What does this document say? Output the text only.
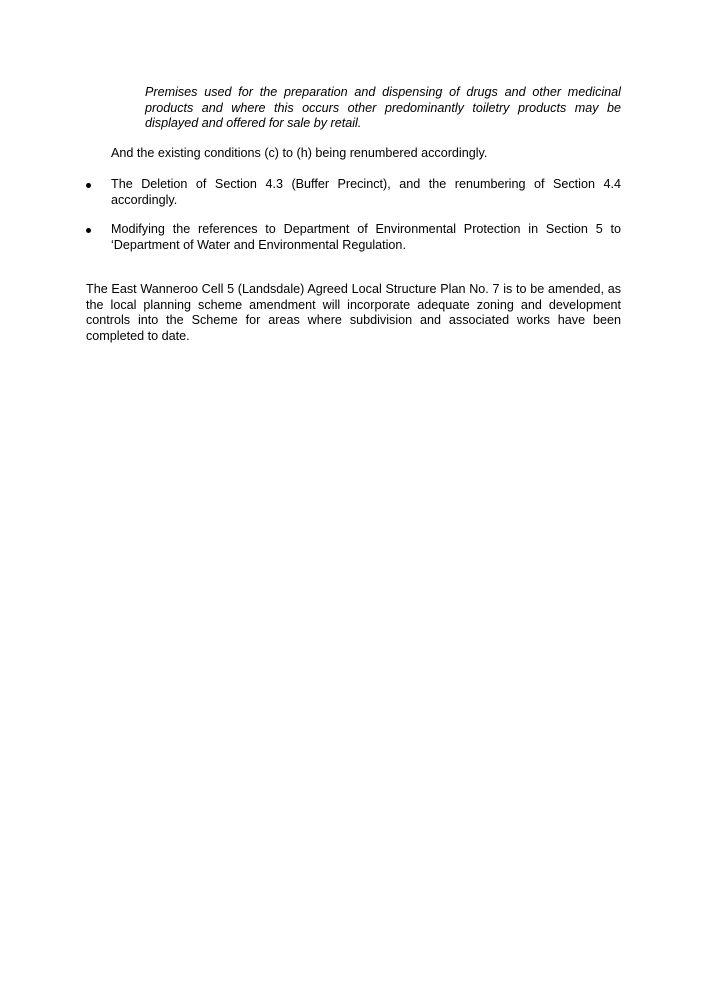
Premises used for the preparation and dispensing of drugs and other medicinal products and where this occurs other predominantly toiletry products may be displayed and offered for sale by retail.

And the existing conditions (c) to (h) being renumbered accordingly.

The Deletion of Section 4.3 (Buffer Precinct), and the renumbering of Section 4.4 accordingly.

Modifying the references to Department of Environmental Protection in Section 5 to ‘Department of Water and Environmental Regulation.

The East Wanneroo Cell 5 (Landsdale) Agreed Local Structure Plan No. 7 is to be amended, as the local planning scheme amendment will incorporate adequate zoning and development controls into the Scheme for areas where subdivision and associated works have been completed to date.
